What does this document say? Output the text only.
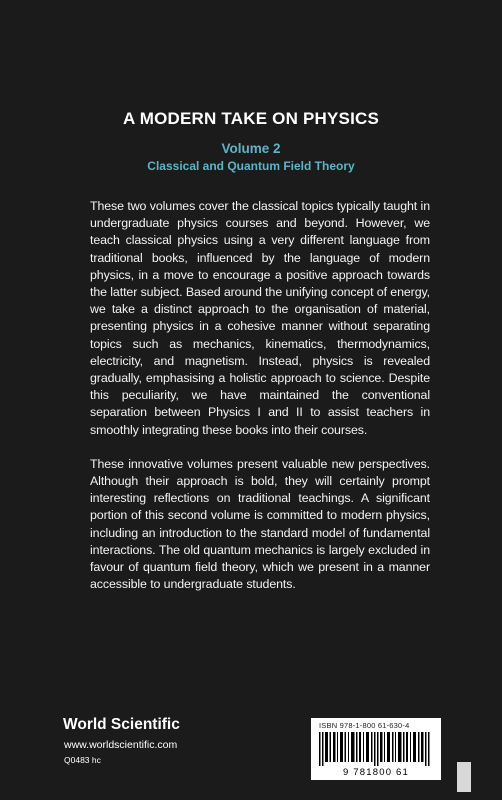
A MODERN TAKE ON PHYSICS
Volume 2
Classical and Quantum Field Theory

These two volumes cover the classical topics typically taught in undergraduate physics courses and beyond. However, we teach classical physics using a very different language from traditional books, influenced by the language of modern physics, in a move to encourage a positive approach towards the latter subject. Based around the unifying concept of energy, we take a distinct approach to the organisation of material, presenting physics in a cohesive manner without separating topics such as mechanics, kinematics, thermodynamics, electricity, and magnetism. Instead, physics is revealed gradually, emphasising a holistic approach to science. Despite this peculiarity, we have maintained the conventional separation between Physics I and II to assist teachers in smoothly integrating these books into their courses.

These innovative volumes present valuable new perspectives. Although their approach is bold, they will certainly prompt interesting reflections on traditional teachings. A significant portion of this second volume is committed to modern physics, including an introduction to the standard model of fundamental interactions. The old quantum mechanics is largely excluded in favour of quantum field theory, which we present in a manner accessible to undergraduate students.

World Scientific
www.worldscientific.com
Q0483 hc
ISBN 978-1-800 61-630-4
9 781800 61
